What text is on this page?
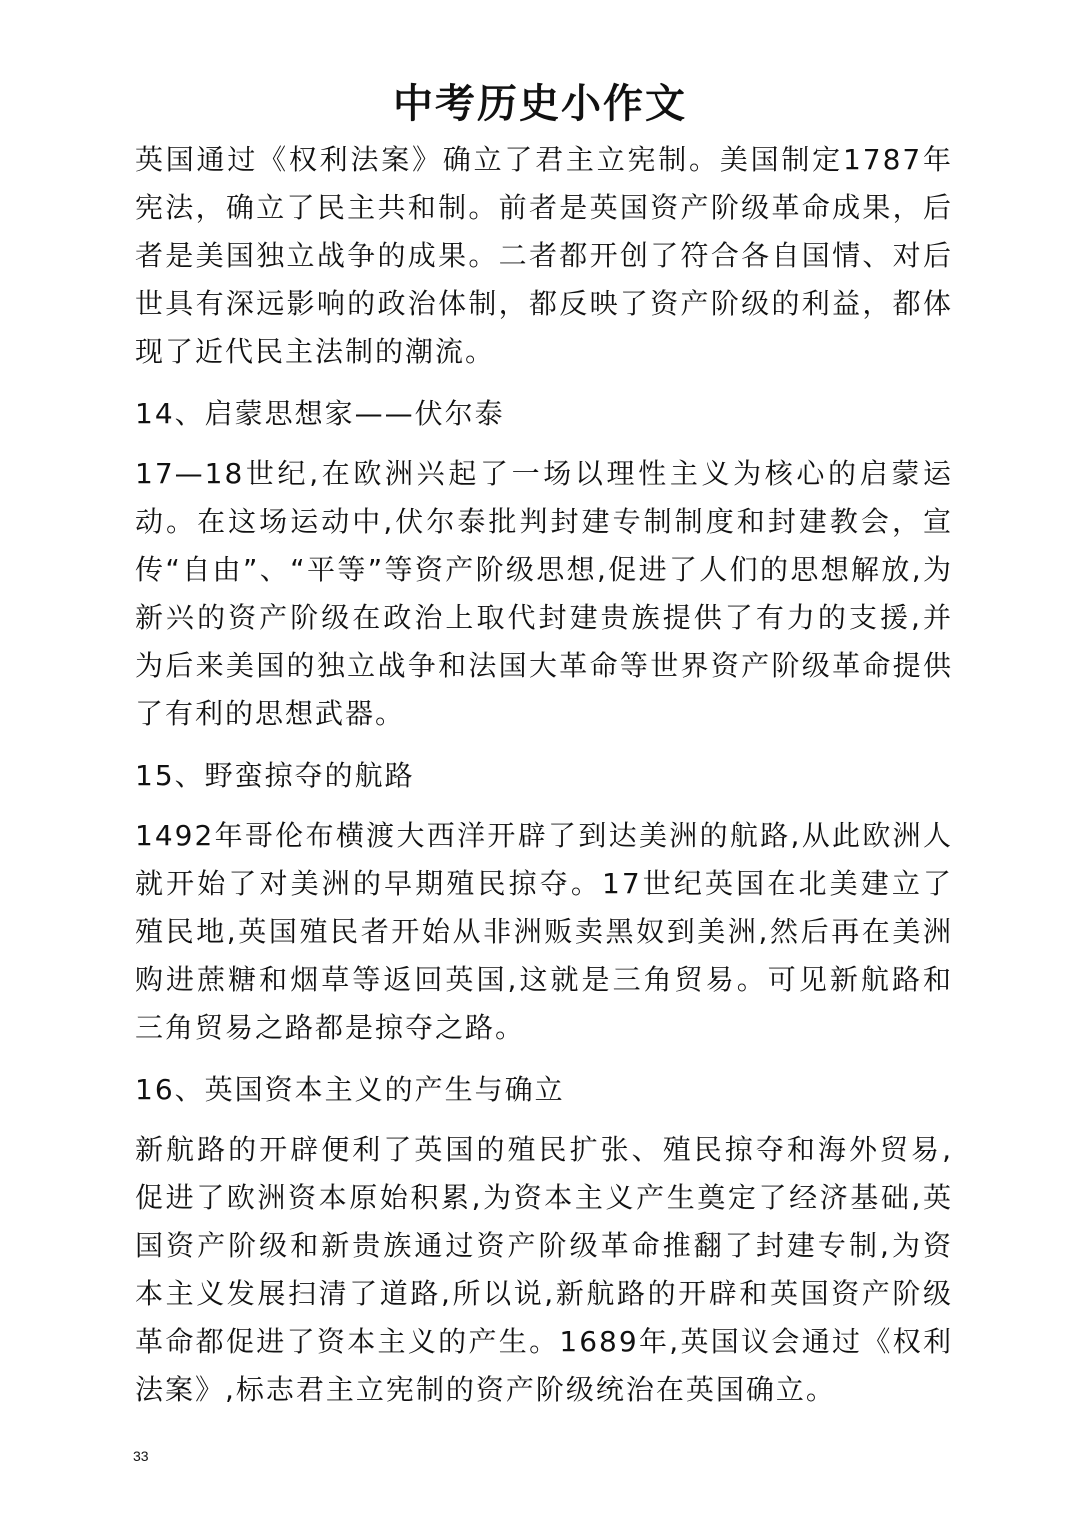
中考历史小作文

英国通过《权利法案》确立了君主立宪制。美国制定1787年宪法，确立了民主共和制。前者是英国资产阶级革命成果，后者是美国独立战争的成果。二者都开创了符合各自国情、对后世具有深远影响的政治体制，都反映了资产阶级的利益，都体现了近代民主法制的潮流。

14、启蒙思想家——伏尔泰

17—18世纪,在欧洲兴起了一场以理性主义为核心的启蒙运动。在这场运动中,伏尔泰批判封建专制制度和封建教会，宣传“自由”、“平等”等资产阶级思想,促进了人们的思想解放,为新兴的资产阶级在政治上取代封建贵族提供了有力的支援,并为后来美国的独立战争和法国大革命等世界资产阶级革命提供了有利的思想武器。

15、野蛮掠夺的航路

1492年哥伦布横渡大西洋开辟了到达美洲的航路,从此欧洲人就开始了对美洲的早期殖民掠夺。17世纪英国在北美建立了殖民地,英国殖民者开始从非洲贩卖黑奴到美洲,然后再在美洲购进蔗糖和烟草等返回英国,这就是三角贸易。可见新航路和三角贸易之路都是掠夺之路。

16、英国资本主义的产生与确立

新航路的开辟便利了英国的殖民扩张、殖民掠夺和海外贸易,促进了欧洲资本原始积累,为资本主义产生奠定了经济基础,英国资产阶级和新贵族通过资产阶级革命推翻了封建专制,为资本主义发展扫清了道路,所以说,新航路的开辟和英国资产阶级革命都促进了资本主义的产生。1689年,英国议会通过《权利法案》,标志君主立宪制的资产阶级统治在英国确立。

33
